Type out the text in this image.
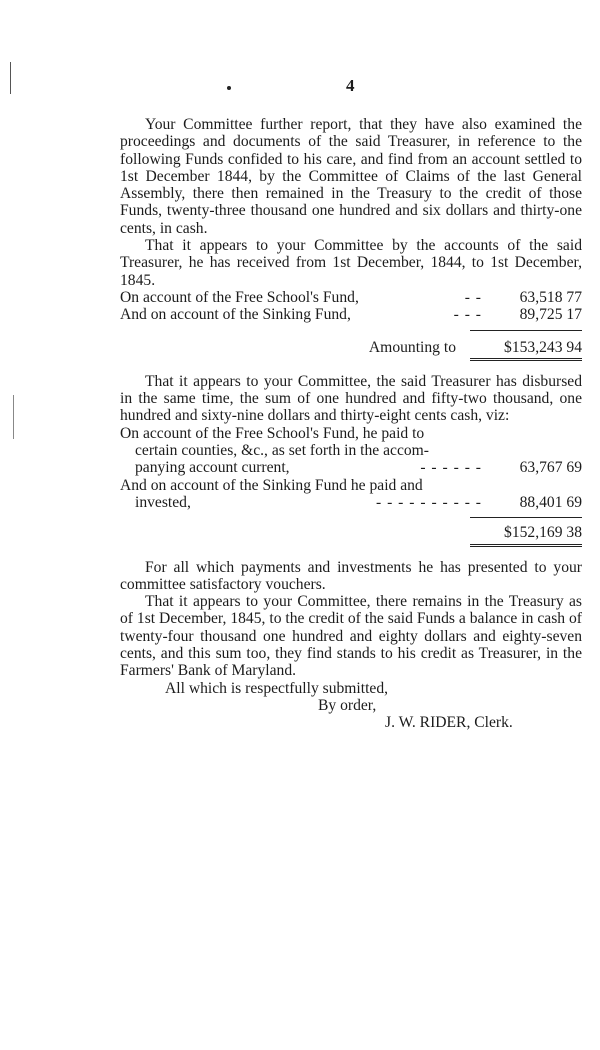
4

Your Committee further report, that they have also examined the proceedings and documents of the said Treasurer, in reference to the following Funds confided to his care, and find from an account settled to 1st December 1844, by the Committee of Claims of the last General Assembly, there then remained in the Treasury to the credit of those Funds, twenty-three thousand one hundred and six dollars and thirty-one cents, in cash.

That it appears to your Committee by the accounts of the said Treasurer, he has received from 1st December, 1844, to 1st December, 1845.

On account of the Free School's Fund,	- -	63,518 77
And on account of the Sinking Fund,	- - -	89,725 17
Amounting to	$153,243 94

That it appears to your Committee, the said Treasurer has disbursed in the same time, the sum of one hundred and fifty-two thousand, one hundred and sixty-nine dollars and thirty-eight cents cash, viz:

On account of the Free School's Fund, he paid to
certain counties, &c., as set forth in the accom-
panying account current,	- - - - - -	63,767 69
And on account of the Sinking Fund he paid and
invested,	- - - - - - - - - -	88,401 69
$152,169 38

For all which payments and investments he has presented to your committee satisfactory vouchers.

That it appears to your Committee, there remains in the Treasury as of 1st December, 1845, to the credit of the said Funds a balance in cash of twenty-four thousand one hundred and eighty dollars and eighty-seven cents, and this sum too, they find stands to his credit as Treasurer, in the Farmers' Bank of Maryland.

All which is respectfully submitted,
By order,
J. W. RIDER, Clerk.
